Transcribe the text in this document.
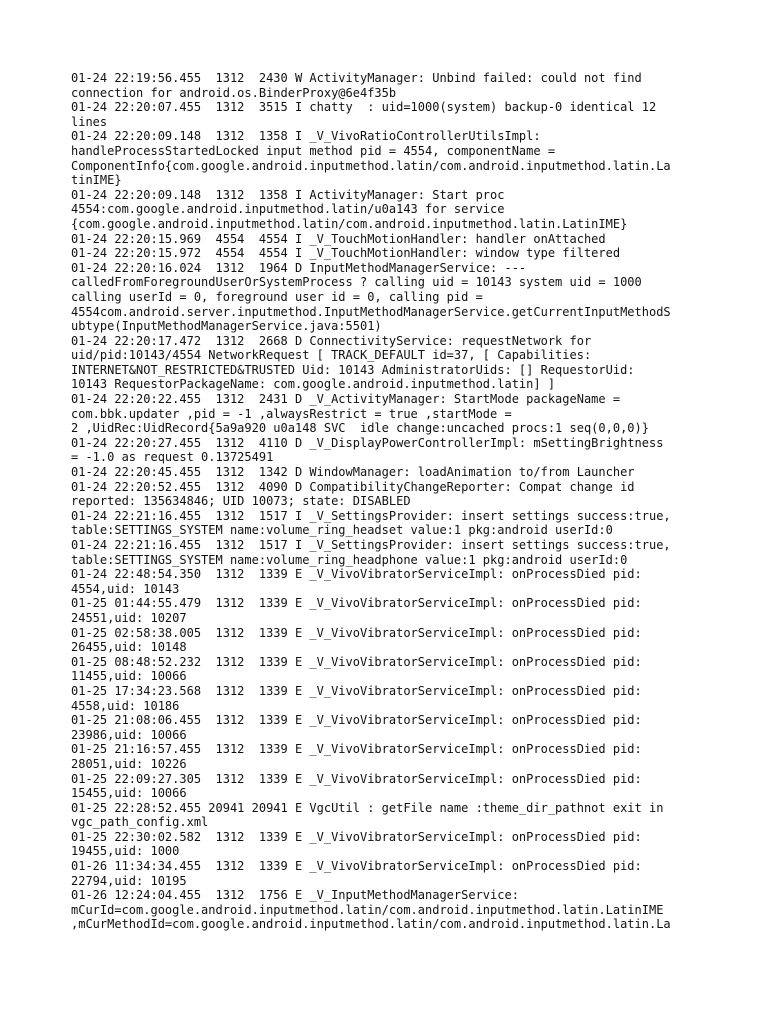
01-24 22:19:56.455  1312  2430 W ActivityManager: Unbind failed: could not find
connection for android.os.BinderProxy@6e4f35b
01-24 22:20:07.455  1312  3515 I chatty  : uid=1000(system) backup-0 identical 12
lines
01-24 22:20:09.148  1312  1358 I _V_VivoRatioControllerUtilsImpl:
handleProcessStartedLocked input method pid = 4554, componentName =
ComponentInfo{com.google.android.inputmethod.latin/com.android.inputmethod.latin.La
tinIME}
01-24 22:20:09.148  1312  1358 I ActivityManager: Start proc
4554:com.google.android.inputmethod.latin/u0a143 for service
{com.google.android.inputmethod.latin/com.android.inputmethod.latin.LatinIME}
01-24 22:20:15.969  4554  4554 I _V_TouchMotionHandler: handler onAttached
01-24 22:20:15.972  4554  4554 I _V_TouchMotionHandler: window type filtered
01-24 22:20:16.024  1312  1964 D InputMethodManagerService: ---
calledFromForegroundUserOrSystemProcess ? calling uid = 10143 system uid = 1000
calling userId = 0, foreground user id = 0, calling pid =
4554com.android.server.inputmethod.InputMethodManagerService.getCurrentInputMethodS
ubtype(InputMethodManagerService.java:5501)
01-24 22:20:17.472  1312  2668 D ConnectivityService: requestNetwork for
uid/pid:10143/4554 NetworkRequest [ TRACK_DEFAULT id=37, [ Capabilities:
INTERNET&NOT_RESTRICTED&TRUSTED Uid: 10143 AdministratorUids: [] RequestorUid:
10143 RequestorPackageName: com.google.android.inputmethod.latin] ]
01-24 22:20:22.455  1312  2431 D _V_ActivityManager: StartMode packageName =
com.bbk.updater ,pid = -1 ,alwaysRestrict = true ,startMode =
2 ,UidRec:UidRecord{5a9a920 u0a148 SVC  idle change:uncached procs:1 seq(0,0,0)}
01-24 22:20:27.455  1312  4110 D _V_DisplayPowerControllerImpl: mSettingBrightness
= -1.0 as request 0.13725491
01-24 22:20:45.455  1312  1342 D WindowManager: loadAnimation to/from Launcher
01-24 22:20:52.455  1312  4090 D CompatibilityChangeReporter: Compat change id
reported: 135634846; UID 10073; state: DISABLED
01-24 22:21:16.455  1312  1517 I _V_SettingsProvider: insert settings success:true,
table:SETTINGS_SYSTEM name:volume_ring_headset value:1 pkg:android userId:0
01-24 22:21:16.455  1312  1517 I _V_SettingsProvider: insert settings success:true,
table:SETTINGS_SYSTEM name:volume_ring_headphone value:1 pkg:android userId:0
01-24 22:48:54.350  1312  1339 E _V_VivoVibratorServiceImpl: onProcessDied pid:
4554,uid: 10143
01-25 01:44:55.479  1312  1339 E _V_VivoVibratorServiceImpl: onProcessDied pid:
24551,uid: 10207
01-25 02:58:38.005  1312  1339 E _V_VivoVibratorServiceImpl: onProcessDied pid:
26455,uid: 10148
01-25 08:48:52.232  1312  1339 E _V_VivoVibratorServiceImpl: onProcessDied pid:
11455,uid: 10066
01-25 17:34:23.568  1312  1339 E _V_VivoVibratorServiceImpl: onProcessDied pid:
4558,uid: 10186
01-25 21:08:06.455  1312  1339 E _V_VivoVibratorServiceImpl: onProcessDied pid:
23986,uid: 10066
01-25 21:16:57.455  1312  1339 E _V_VivoVibratorServiceImpl: onProcessDied pid:
28051,uid: 10226
01-25 22:09:27.305  1312  1339 E _V_VivoVibratorServiceImpl: onProcessDied pid:
15455,uid: 10066
01-25 22:28:52.455 20941 20941 E VgcUtil : getFile name :theme_dir_pathnot exit in
vgc_path_config.xml
01-25 22:30:02.582  1312  1339 E _V_VivoVibratorServiceImpl: onProcessDied pid:
19455,uid: 1000
01-26 11:34:34.455  1312  1339 E _V_VivoVibratorServiceImpl: onProcessDied pid:
22794,uid: 10195
01-26 12:24:04.455  1312  1756 E _V_InputMethodManagerService:
mCurId=com.google.android.inputmethod.latin/com.android.inputmethod.latin.LatinIME
,mCurMethodId=com.google.android.inputmethod.latin/com.android.inputmethod.latin.La
